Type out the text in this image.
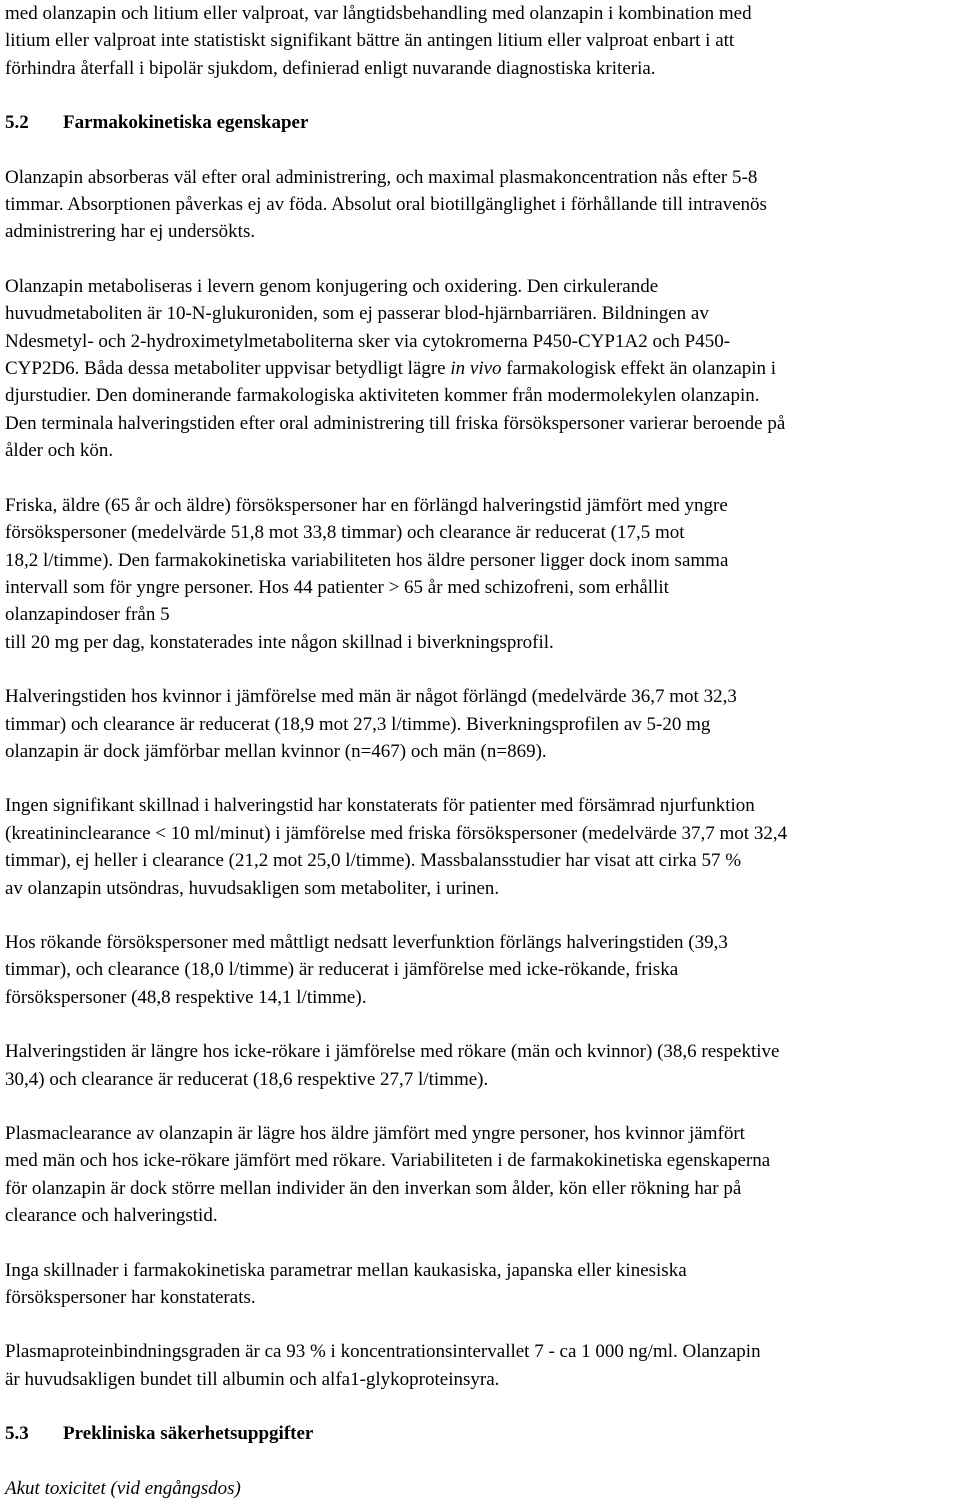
med olanzapin och litium eller valproat, var långtidsbehandling med olanzapin i kombination med
litium eller valproat inte statistiskt signifikant bättre än antingen litium eller valproat enbart i att
förhindra återfall i bipolär sjukdom, definierad enligt nuvarande diagnostiska kriteria.
5.2 Farmakokinetiska egenskaper
Olanzapin absorberas väl efter oral administrering, och maximal plasmakoncentration nås efter 5-8
timmar. Absorptionen påverkas ej av föda. Absolut oral biotillgänglighet i förhållande till intravenös
administrering har ej undersökts.
Olanzapin metaboliseras i levern genom konjugering och oxidering. Den cirkulerande
huvudmetaboliten är 10-N-glukuroniden, som ej passerar blod-hjärnbarriären. Bildningen av
Ndesmetyl- och 2-hydroximetylmetaboliterna sker via cytokromerna P450-CYP1A2 och P450-
CYP2D6. Båda dessa metaboliter uppvisar betydligt lägre in vivo farmakologisk effekt än olanzapin i
djurstudier. Den dominerande farmakologiska aktiviteten kommer från modermolekylen olanzapin.
Den terminala halveringstiden efter oral administrering till friska försökspersoner varierar beroende på
ålder och kön.
Friska, äldre (65 år och äldre) försökspersoner har en förlängd halveringstid jämfört med yngre
försökspersoner (medelvärde 51,8 mot 33,8 timmar) och clearance är reducerat (17,5 mot
18,2 l/timme). Den farmakokinetiska variabiliteten hos äldre personer ligger dock inom samma
intervall som för yngre personer. Hos 44 patienter > 65 år med schizofreni, som erhållit
olanzapindoser från 5
till 20 mg per dag, konstaterades inte någon skillnad i biverkningsprofil.
Halveringstiden hos kvinnor i jämförelse med män är något förlängd (medelvärde 36,7 mot 32,3
timmar) och clearance är reducerat (18,9 mot 27,3 l/timme). Biverkningsprofilen av 5-20 mg
olanzapin är dock jämförbar mellan kvinnor (n=467) och män (n=869).
Ingen signifikant skillnad i halveringstid har konstaterats för patienter med försämrad njurfunktion
(kreatininclearance < 10 ml/minut) i jämförelse med friska försökspersoner (medelvärde 37,7 mot 32,4
timmar), ej heller i clearance (21,2 mot 25,0 l/timme). Massbalansstudier har visat att cirka 57 %
av olanzapin utsöndras, huvudsakligen som metaboliter, i urinen.
Hos rökande försökspersoner med måttligt nedsatt leverfunktion förlängs halveringstiden (39,3
timmar), och clearance (18,0 l/timme) är reducerat i jämförelse med icke-rökande, friska
försökspersoner (48,8 respektive 14,1 l/timme).
Halveringstiden är längre hos icke-rökare i jämförelse med rökare (män och kvinnor) (38,6 respektive
30,4) och clearance är reducerat (18,6 respektive 27,7 l/timme).
Plasmaclearance av olanzapin är lägre hos äldre jämfört med yngre personer, hos kvinnor jämfört
med män och hos icke-rökare jämfört med rökare. Variabiliteten i de farmakokinetiska egenskaperna
för olanzapin är dock större mellan individer än den inverkan som ålder, kön eller rökning har på
clearance och halveringstid.
Inga skillnader i farmakokinetiska parametrar mellan kaukasiska, japanska eller kinesiska
försökspersoner har konstaterats.
Plasmaproteinbindningsgraden är ca 93 % i koncentrationsintervallet 7 - ca 1 000 ng/ml. Olanzapin
är huvudsakligen bundet till albumin och alfa1-glykoproteinsyra.
5.3 Prekliniska säkerhetsuppgifter
Akut toxicitet (vid engångsdos)
